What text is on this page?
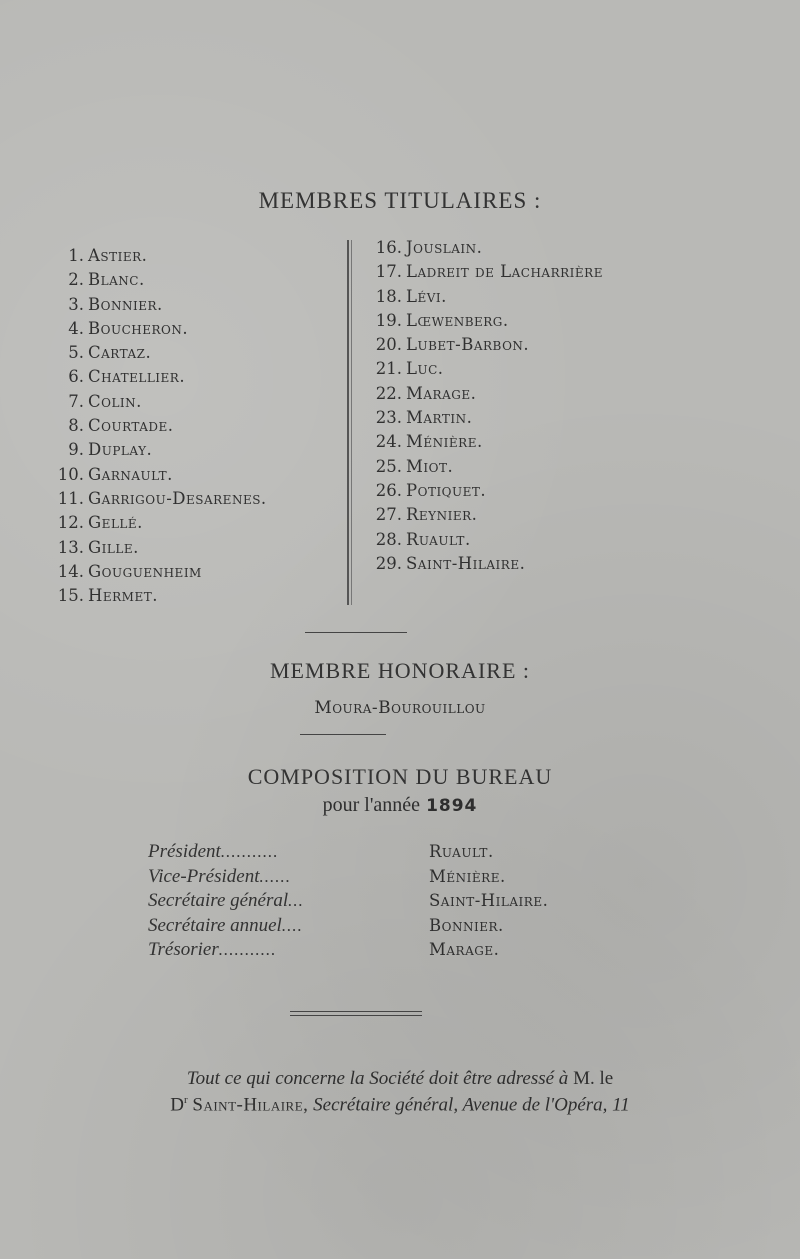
MEMBRES TITULAIRES :
1. Astier.
2. Blanc.
3. Bonnier.
4. Boucheron.
5. Cartaz.
6. Chatellier.
7. Colin.
8. Courtade.
9. Duplay.
10. Garnault.
11. Garrigou-Desarenes.
12. Gellé.
13. Gille.
14. Gouguenheim
15. Hermet.
16. Jouslain.
17. Ladreit de Lacharrière
18. Lévi.
19. Lœwenberg.
20. Lubet-Barbon.
21. Luc.
22. Marage.
23. Martin.
24. Ménière.
25. Miot.
26. Potiquet.
27. Reynier.
28. Ruault.
29. Saint-Hilaire.
MEMBRE HONORAIRE :
Moura-Bourouillou
COMPOSITION DU BUREAU
pour l'année 1894
Président...........	Ruault.
Vice-Président......	Ménière.
Secrétaire général...	Saint-Hilaire.
Secrétaire annuel....	Bonnier.
Trésorier...........	Marage.
Tout ce qui concerne la Société doit être adressé à M. le
$D^r$ Saint-Hilaire, Secrétaire général, Avenue de l'Opéra, 11
